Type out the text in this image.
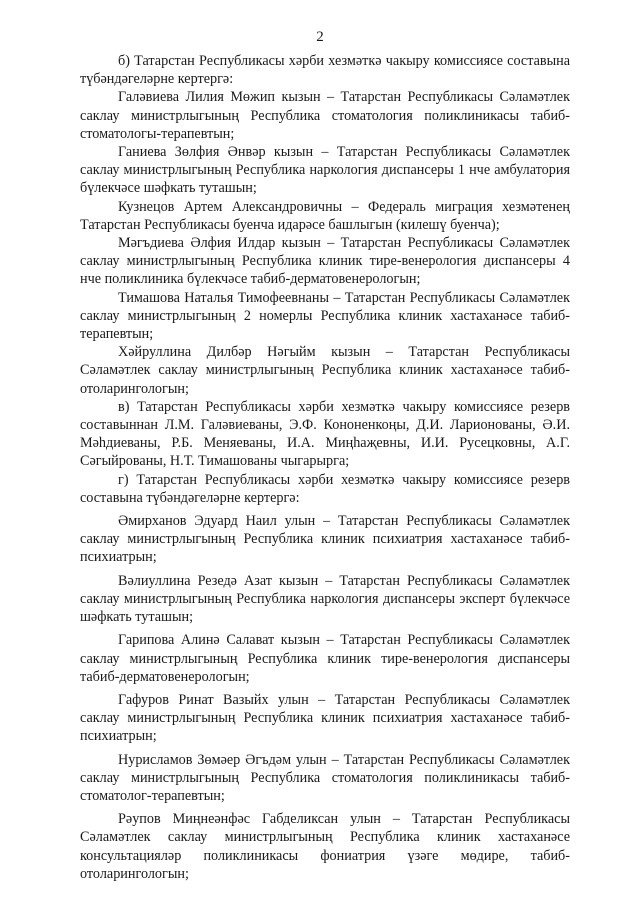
2

б) Татарстан Республикасы хәрби хезмәткә чакыру комиссиясе составына түбәндәгеләрне кертергә:

Галәвиева Лилия Мөжип кызын – Татарстан Республикасы Сәламәтлек саклау министрлыгының Республика стоматология поликлиникасы табиб-стоматологы-терапевтын;

Ганиева Зөлфия Әнвәр кызын – Татарстан Республикасы Сәламәтлек саклау министрлыгының Республика наркология диспансеры 1 нче амбулатория бүлекчәсе шәфкать туташын;

Кузнецов Артем Александровичны – Федераль миграция хезмәтенең Татарстан Республикасы буенча идарәсе башлыгын (килешү буенча);

Мәгъдиева Әлфия Илдар кызын – Татарстан Республикасы Сәламәтлек саклау министрлыгының Республика клиник тире-венерология диспансеры 4 нче поликлиника бүлекчәсе табиб-дерматовенерологын;

Тимашова Наталья Тимофеевнаны – Татарстан Республикасы Сәламәтлек саклау министрлыгының 2 номерлы Республика клиник хастаханәсе табиб-терапевтын;

Хәйруллина Дилбәр Нәгыйм кызын – Татарстан Республикасы Сәламәтлек саклау министрлыгының Республика клиник хастаханәсе табиб-отоларингологын;

в) Татарстан Республикасы хәрби хезмәткә чакыру комиссиясе резерв составыннан Л.М. Галәвиеваны, Э.Ф. Кононенкоңы, Д.И. Ларионованы, Ә.И. Мәһдиеваны, Р.Б. Меняеваны, И.А. Миңһаҗевны, И.И. Русецковны, А.Г. Сәгыйрованы, Н.Т. Тимашованы чыгарырга;

г) Татарстан Республикасы хәрби хезмәткә чакыру комиссиясе резерв составына түбәндәгеләрне кертергә:

Әмирханов Эдуард Наил улын – Татарстан Республикасы Сәламәтлек саклау министрлыгының Республика клиник психиатрия хастаханәсе табиб-психиатрын;

Вәлиуллина Резедә Азат кызын – Татарстан Республикасы Сәламәтлек саклау министрлыгының Республика наркология диспансеры эксперт бүлекчәсе шәфкать туташын;

Гарипова Алинә Салават кызын – Татарстан Республикасы Сәламәтлек саклау министрлыгының Республика клиник тире-венерология диспансеры табиб-дерматовенерологын;

Гафуров Ринат Вазыйх улын – Татарстан Республикасы Сәламәтлек саклау министрлыгының Республика клиник психиатрия хастаханәсе табиб-психиатрын;

Нурисламов Зөмәер Әгъдәм улын – Татарстан Республикасы Сәламәтлек саклау министрлыгының Республика стоматология поликлиникасы табиб-стоматолог-терапевтын;

Рәупов Миңнеәнфәс Габделиксан улын – Татарстан Республикасы Сәламәтлек саклау министрлыгының Республика клиник хастаханәсе консультацияләр поликлиникасы фониатрия үзәге мөдире, табиб-отоларингологын;
